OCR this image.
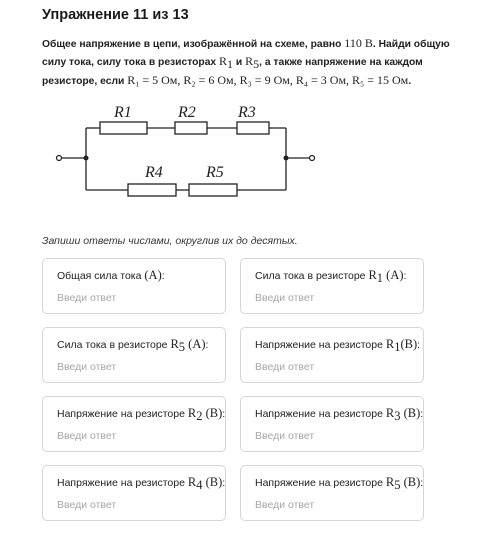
Упражнение 11 из 13
Общее напряжение в цепи, изображённой на схеме, равно 110 В. Найди общую силу тока, силу тока в резисторах $R_1$ и $R_5$, а также напряжение на каждом резисторе, если R₁ = 5 Ом, R₂ = 6 Ом, R₃ = 9 Ом, R₄ = 3 Ом, R₅ = 15 Ом.
R1	R2	R3
R4	R5
Запиши ответы числами, округлив их до десятых.
Общая сила тока (A):
Введи ответ	Сила тока в резисторе $R_1$ (A):
Введи ответ
Сила тока в резисторе $R_5$ (A):
Введи ответ	Напряжение на резисторе $R_1(B)$:
Введи ответ
Напряжение на резисторе $R_2$ (B):
Введи ответ	Напряжение на резисторе $R_3$ (B):
Введи ответ
Напряжение на резисторе $R_4$ (B):
Введи ответ	Напряжение на резисторе $R_5$ (B):
Введи ответ
